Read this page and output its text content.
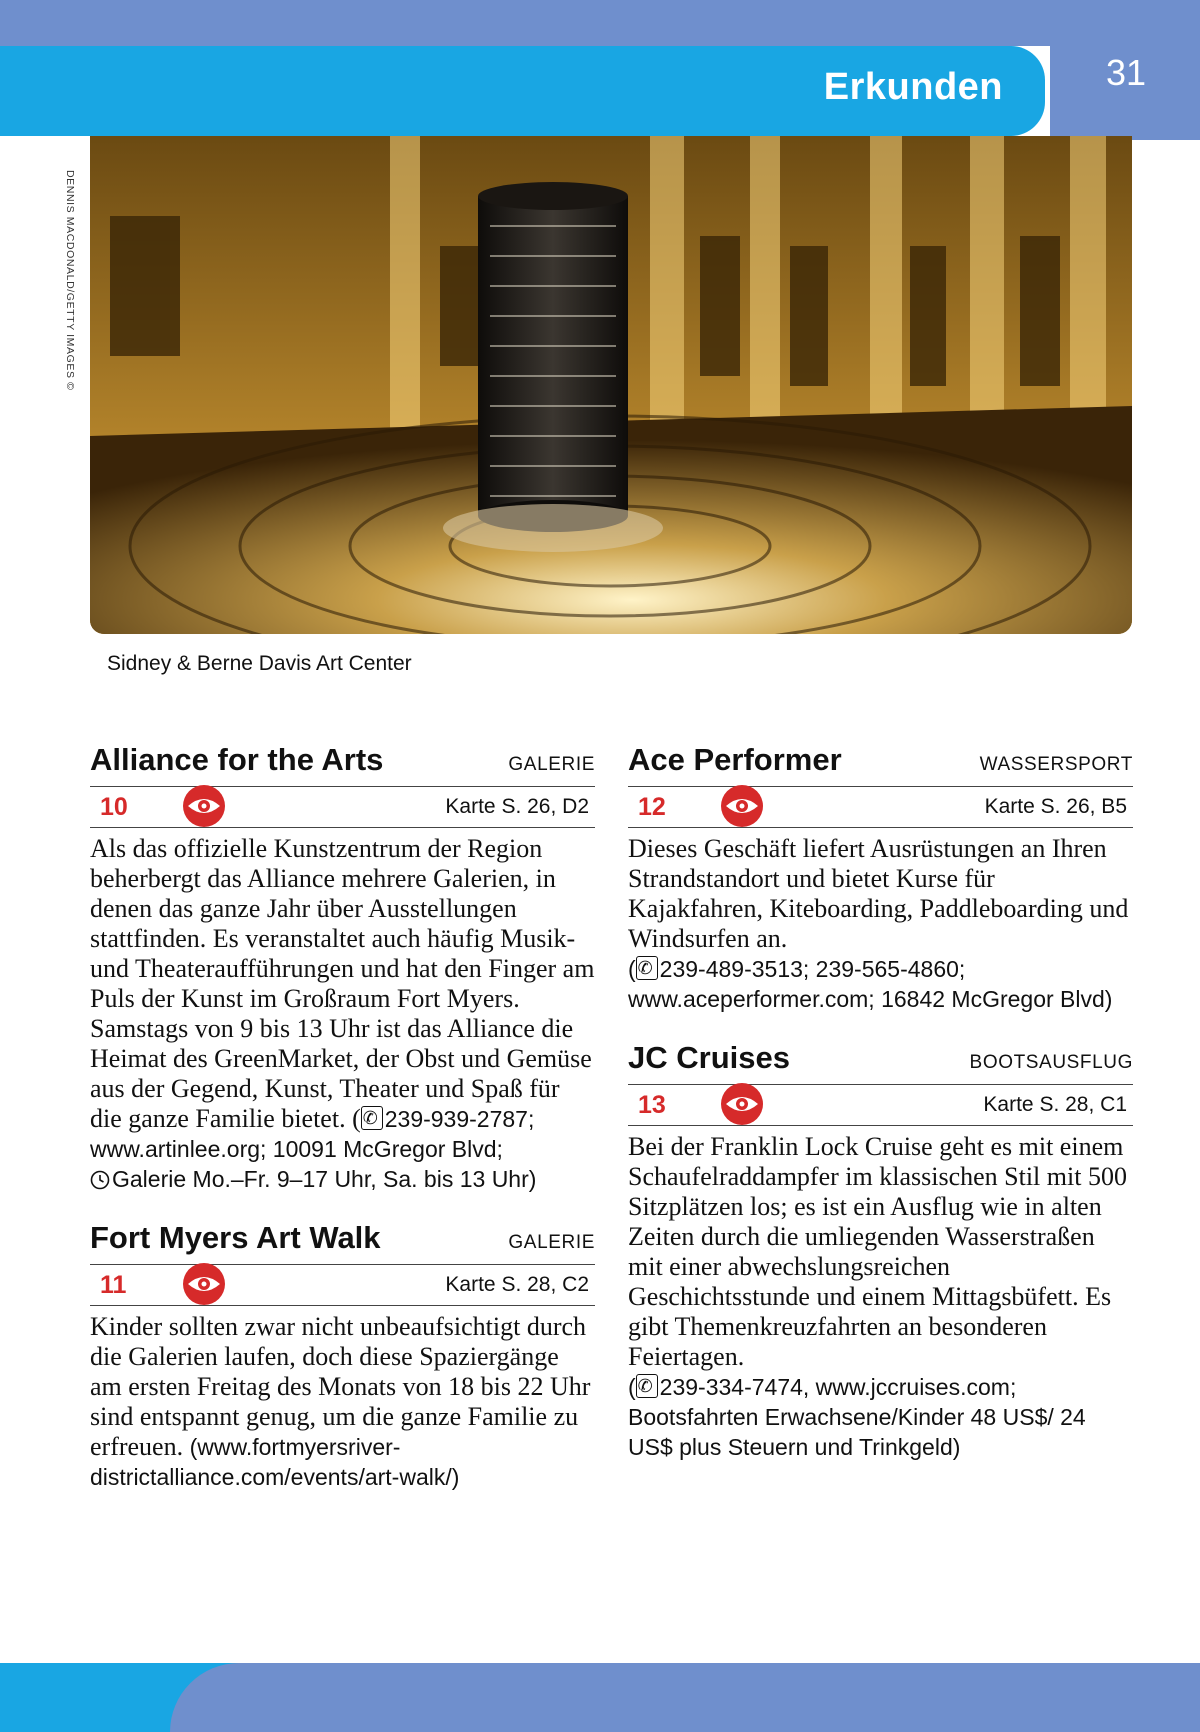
Erkunden	31
DENNIS MACDONALD/GETTY IMAGES ©
Sidney & Berne Davis Art Center
Alliance for the Arts	GALERIE
10	Karte S. 26, D2
Als das offizielle Kunstzentrum der Region beherbergt das Alliance mehrere Galerien, in denen das ganze Jahr über Ausstellungen stattfinden. Es veranstaltet auch häufig Musik- und Theateraufführungen und hat den Finger am Puls der Kunst im Großraum Fort Myers. Samstags von 9 bis 13 Uhr ist das Alliance die Heimat des GreenMarket, der Obst und Gemüse aus der Gegend, Kunst, Theater und Spaß für die ganze Familie bietet. ( ✆ 239-939-2787;
www.artinlee.org; 10091 McGregor Blvd;
Galerie Mo.–Fr. 9–17 Uhr, Sa. bis 13 Uhr)
Fort Myers Art Walk	GALERIE
11	Karte S. 28, C2
Kinder sollten zwar nicht unbeaufsichtigt durch die Galerien laufen, doch diese Spaziergänge am ersten Freitag des Monats von 18 bis 22 Uhr sind entspannt genug, um die ganze Familie zu erfreuen. (www.fortmyersriver-districtalliance.com/events/art-walk/)
Ace Performer	WASSERSPORT
12	Karte S. 26, B5
Dieses Geschäft liefert Ausrüstungen an Ihren Strandstandort und bietet Kurse für Kajakfahren, Kiteboarding, Paddleboarding und Windsurfen an.
( ✆ 239-489-3513; 239-565-4860;
www.aceperformer.com; 16842 McGregor Blvd)
JC Cruises	BOOTSAUSFLUG
13	Karte S. 28, C1
Bei der Franklin Lock Cruise geht es mit einem Schaufelraddampfer im klassischen Stil mit 500 Sitzplätzen los; es ist ein Ausflug wie in alten Zeiten durch die umliegenden Wasserstraßen mit einer abwechslungsreichen Geschichtsstunde und einem Mittagsbüfett. Es gibt Themenkreuzfahrten an besonderen Feiertagen.
( ✆ 239-334-7474, www.jccruises.com;
Bootsfahrten Erwachsene/Kinder 48 US$/ 24 US$ plus Steuern und Trinkgeld)
